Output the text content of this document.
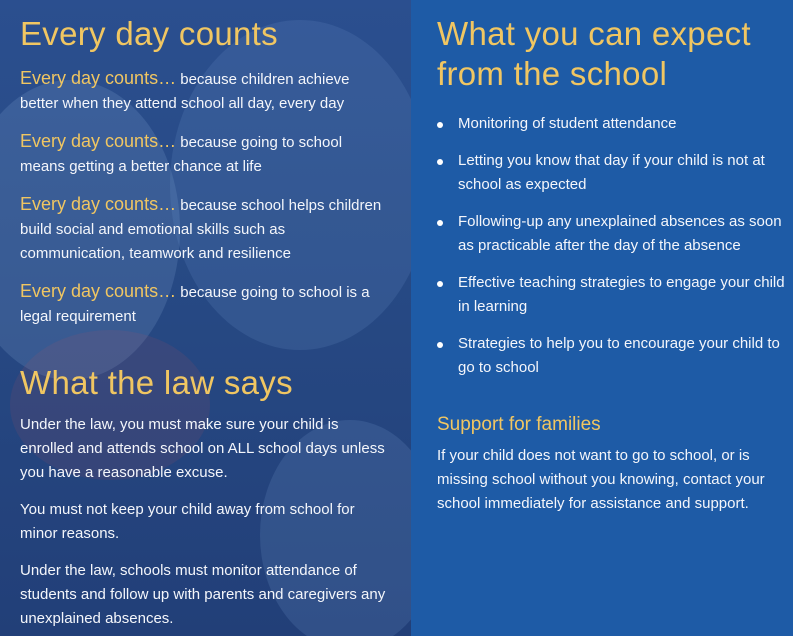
Every day counts

Every day counts… because children achieve better when they attend school all day, every day

Every day counts… because going to school means getting a better chance at life

Every day counts… because school helps children build social and emotional skills such as communication, teamwork and resilience

Every day counts… because going to school is a legal requirement

What the law says

Under the law, you must make sure your child is enrolled and attends school on ALL school days unless you have a reasonable excuse.

You must not keep your child away from school for minor reasons.

Under the law, schools must monitor attendance of students and follow up with parents and caregivers any unexplained absences.

What you can expect from the school
Monitoring of student attendance
Letting you know that day if your child is not at school as expected
Following-up any unexplained absences as soon as practicable after the day of the absence
Effective teaching strategies to engage your child in learning
Strategies to help you to encourage your child to go to school
Support for families

If your child does not want to go to school, or is missing school without you knowing, contact your school immediately for assistance and support.
